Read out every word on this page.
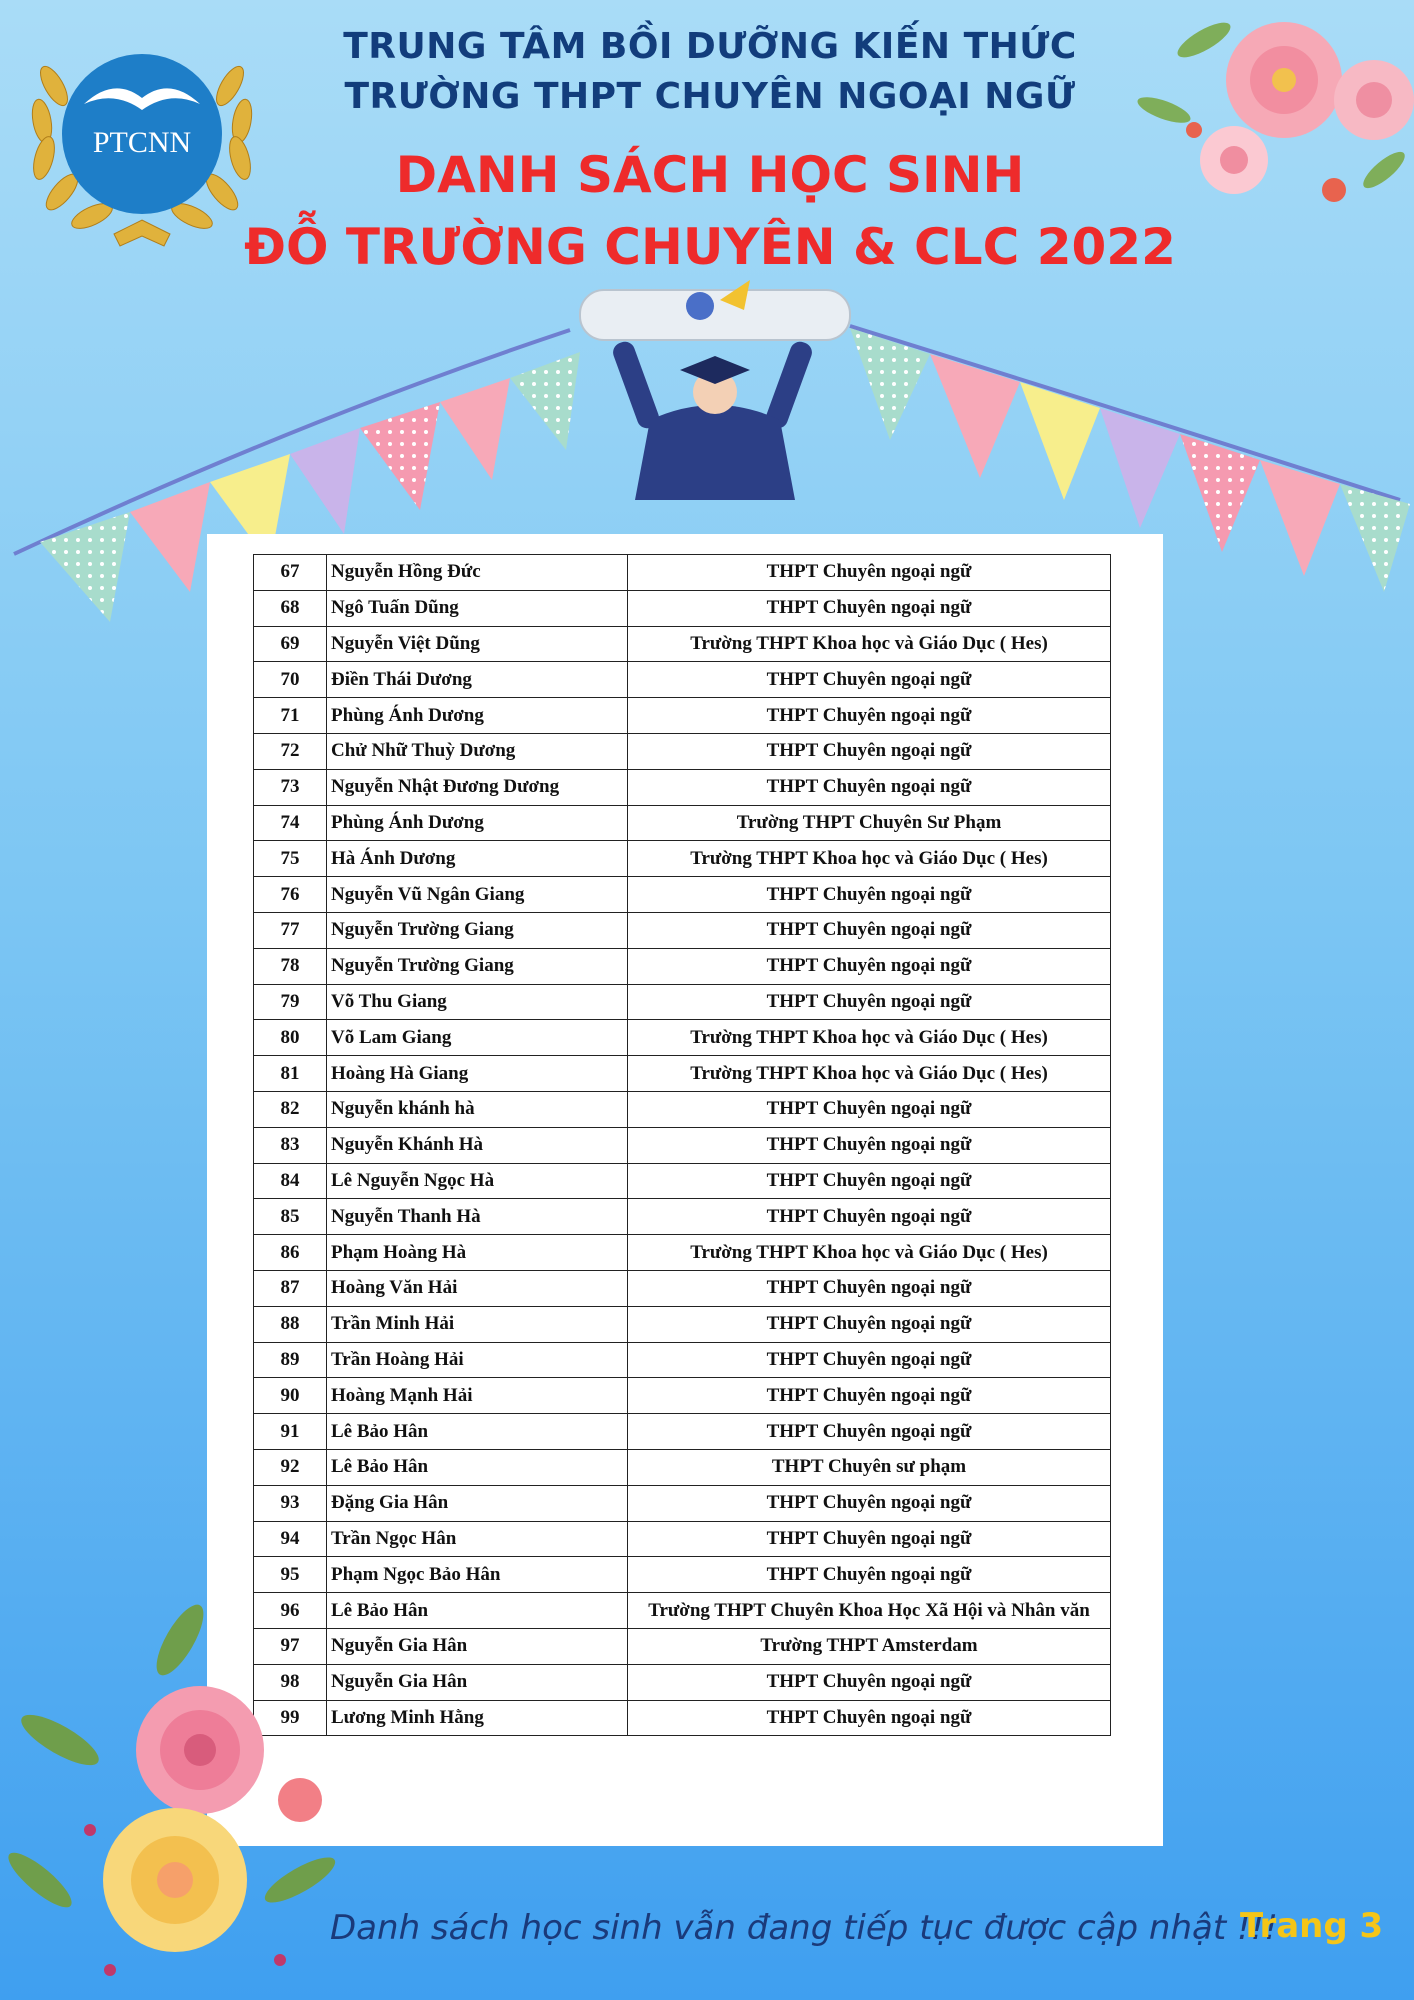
PTCNN
TRUNG TÂM BỒI DƯỠNG KIẾN THỨC
TRƯỜNG THPT CHUYÊN NGOẠI NGỮ
DANH SÁCH HỌC SINH
ĐỖ TRƯỜNG CHUYÊN & CLC 2022
67	Nguyễn Hồng Đức	THPT Chuyên ngoại ngữ
68	Ngô Tuấn Dũng	THPT Chuyên ngoại ngữ
69	Nguyễn Việt Dũng	Trường THPT Khoa học và Giáo Dục ( Hes)
70	Điền Thái Dương	THPT Chuyên ngoại ngữ
71	Phùng Ánh Dương	THPT Chuyên ngoại ngữ
72	Chử Nhữ Thuỳ Dương	THPT Chuyên ngoại ngữ
73	Nguyễn Nhật Đương Dương	THPT Chuyên ngoại ngữ
74	Phùng Ánh Dương	Trường THPT Chuyên Sư Phạm
75	Hà Ánh Dương	Trường THPT Khoa học và Giáo Dục ( Hes)
76	Nguyễn Vũ Ngân Giang	THPT Chuyên ngoại ngữ
77	Nguyễn Trường Giang	THPT Chuyên ngoại ngữ
78	Nguyễn Trường Giang	THPT Chuyên ngoại ngữ
79	Võ Thu Giang	THPT Chuyên ngoại ngữ
80	Võ Lam Giang	Trường THPT Khoa học và Giáo Dục ( Hes)
81	Hoàng Hà Giang	Trường THPT Khoa học và Giáo Dục ( Hes)
82	Nguyễn khánh hà	THPT Chuyên ngoại ngữ
83	Nguyễn Khánh Hà	THPT Chuyên ngoại ngữ
84	Lê Nguyễn Ngọc Hà	THPT Chuyên ngoại ngữ
85	Nguyễn Thanh Hà	THPT Chuyên ngoại ngữ
86	Phạm Hoàng Hà	Trường THPT Khoa học và Giáo Dục ( Hes)
87	Hoàng Văn Hải	THPT Chuyên ngoại ngữ
88	Trần Minh Hải	THPT Chuyên ngoại ngữ
89	Trần Hoàng Hải	THPT Chuyên ngoại ngữ
90	Hoàng Mạnh Hải	THPT Chuyên ngoại ngữ
91	Lê Bảo Hân	THPT Chuyên ngoại ngữ
92	Lê Bảo Hân	THPT Chuyên sư phạm
93	Đặng Gia Hân	THPT Chuyên ngoại ngữ
94	Trần Ngọc Hân	THPT Chuyên ngoại ngữ
95	Phạm Ngọc Bảo Hân	THPT Chuyên ngoại ngữ
96	Lê Bảo Hân	Trường THPT Chuyên Khoa Học Xã Hội và Nhân văn
97	Nguyễn Gia Hân	Trường THPT Amsterdam
98	Nguyễn Gia Hân	THPT Chuyên ngoại ngữ
99	Lương Minh Hằng	THPT Chuyên ngoại ngữ
Danh sách học sinh vẫn đang tiếp tục được cập nhật !!!
Trang 3
